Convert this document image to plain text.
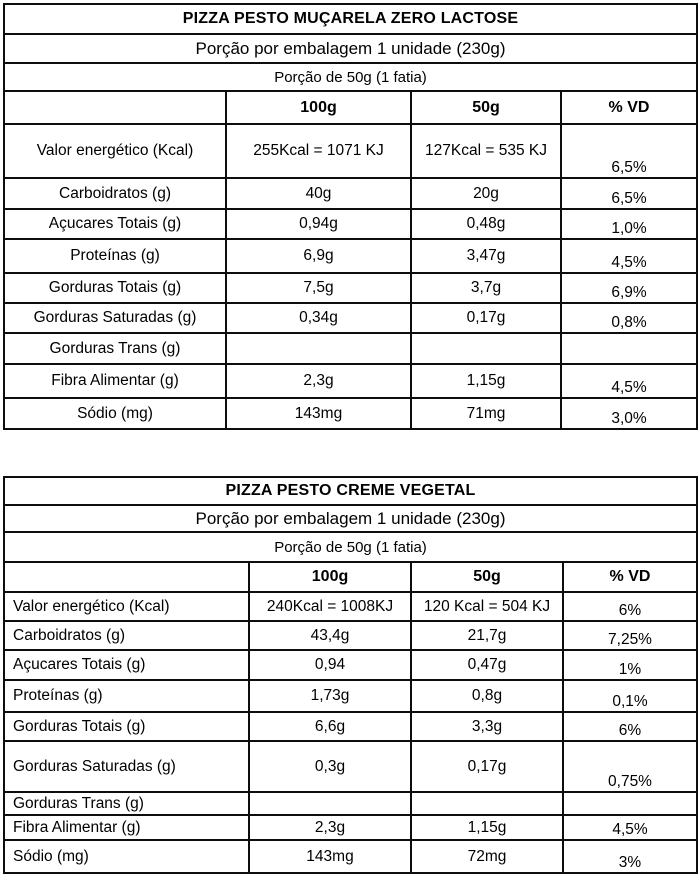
PIZZA PESTO MUÇARELA ZERO LACTOSE			
Porção por embalagem 1 unidade (230g)			
Porção de 50g (1 fatia)			
	100g	50g	% VD
Valor energético (Kcal)	255Kcal = 1071 KJ	127Kcal = 535 KJ	6,5%
Carboidratos (g)	40g	20g	6,5%
Açucares Totais (g)	0,94g	0,48g	1,0%
Proteínas (g)	6,9g	3,47g	4,5%
Gorduras Totais (g)	7,5g	3,7g	6,9%
Gorduras Saturadas (g)	0,34g	0,17g	0,8%
Gorduras Trans (g)			
Fibra Alimentar (g)	2,3g	1,15g	4,5%
Sódio (mg)	143mg	71mg	3,0%
PIZZA PESTO CREME VEGETAL			
Porção por embalagem 1 unidade (230g)			
Porção de 50g (1 fatia)			
	100g	50g	% VD
Valor energético (Kcal)	240Kcal = 1008KJ	120 Kcal = 504 KJ	6%
Carboidratos (g)	43,4g	21,7g	7,25%
Açucares Totais (g)	0,94	0,47g	1%
Proteínas (g)	1,73g	0,8g	0,1%
Gorduras Totais (g)	6,6g	3,3g	6%
Gorduras Saturadas (g)	0,3g	0,17g	0,75%
Gorduras Trans (g)			
Fibra Alimentar (g)	2,3g	1,15g	4,5%
Sódio (mg)	143mg	72mg	3%
